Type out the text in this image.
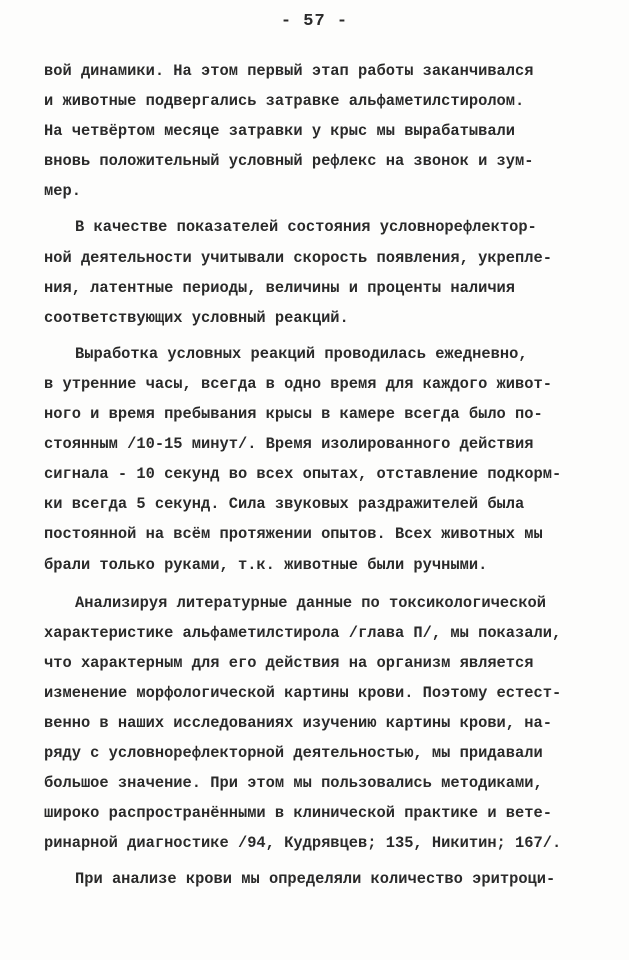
- 57 -
вой динамики. На этом первый этап работы заканчивался
и животные подвергались затравке альфаметилстиролом.
На четвёртом месяце затравки у крыс мы вырабатывали
вновь положительный условный рефлекс на звонок и зум-
мер.
В качестве показателей состояния условнорефлектор-
ной деятельности учитывали скорость появления, укрепле-
ния, латентные периоды, величины и проценты наличия
соответствующих условный реакций.
Выработка условных реакций проводилась ежедневно,
в утренние часы, всегда в одно время для каждого живот-
ного и время пребывания крысы в камере всегда было по-
стоянным /10-15 минут/. Время изолированного действия
сигнала - 10 секунд во всех опытах, отставление подкорм-
ки всегда 5 секунд. Сила звуковых раздражителей была
постоянной на всём протяжении опытов. Всех животных мы
брали только руками, т.к. животные были ручными.
Анализируя литературные данные по токсикологической
характеристике альфаметилстирола /глава П/, мы показали,
что характерным для его действия на организм является
изменение морфологической картины крови. Поэтому естест-
венно в наших исследованиях изучению картины крови, на-
ряду с условнорефлекторной деятельностью, мы придавали
большое значение. При этом мы пользовались методиками,
широко распространёнными в клинической практике и вете-
ринарной диагностике /94, Кудрявцев; 135, Никитин; 167/.
При анализе крови мы определяли количество эритроци-
